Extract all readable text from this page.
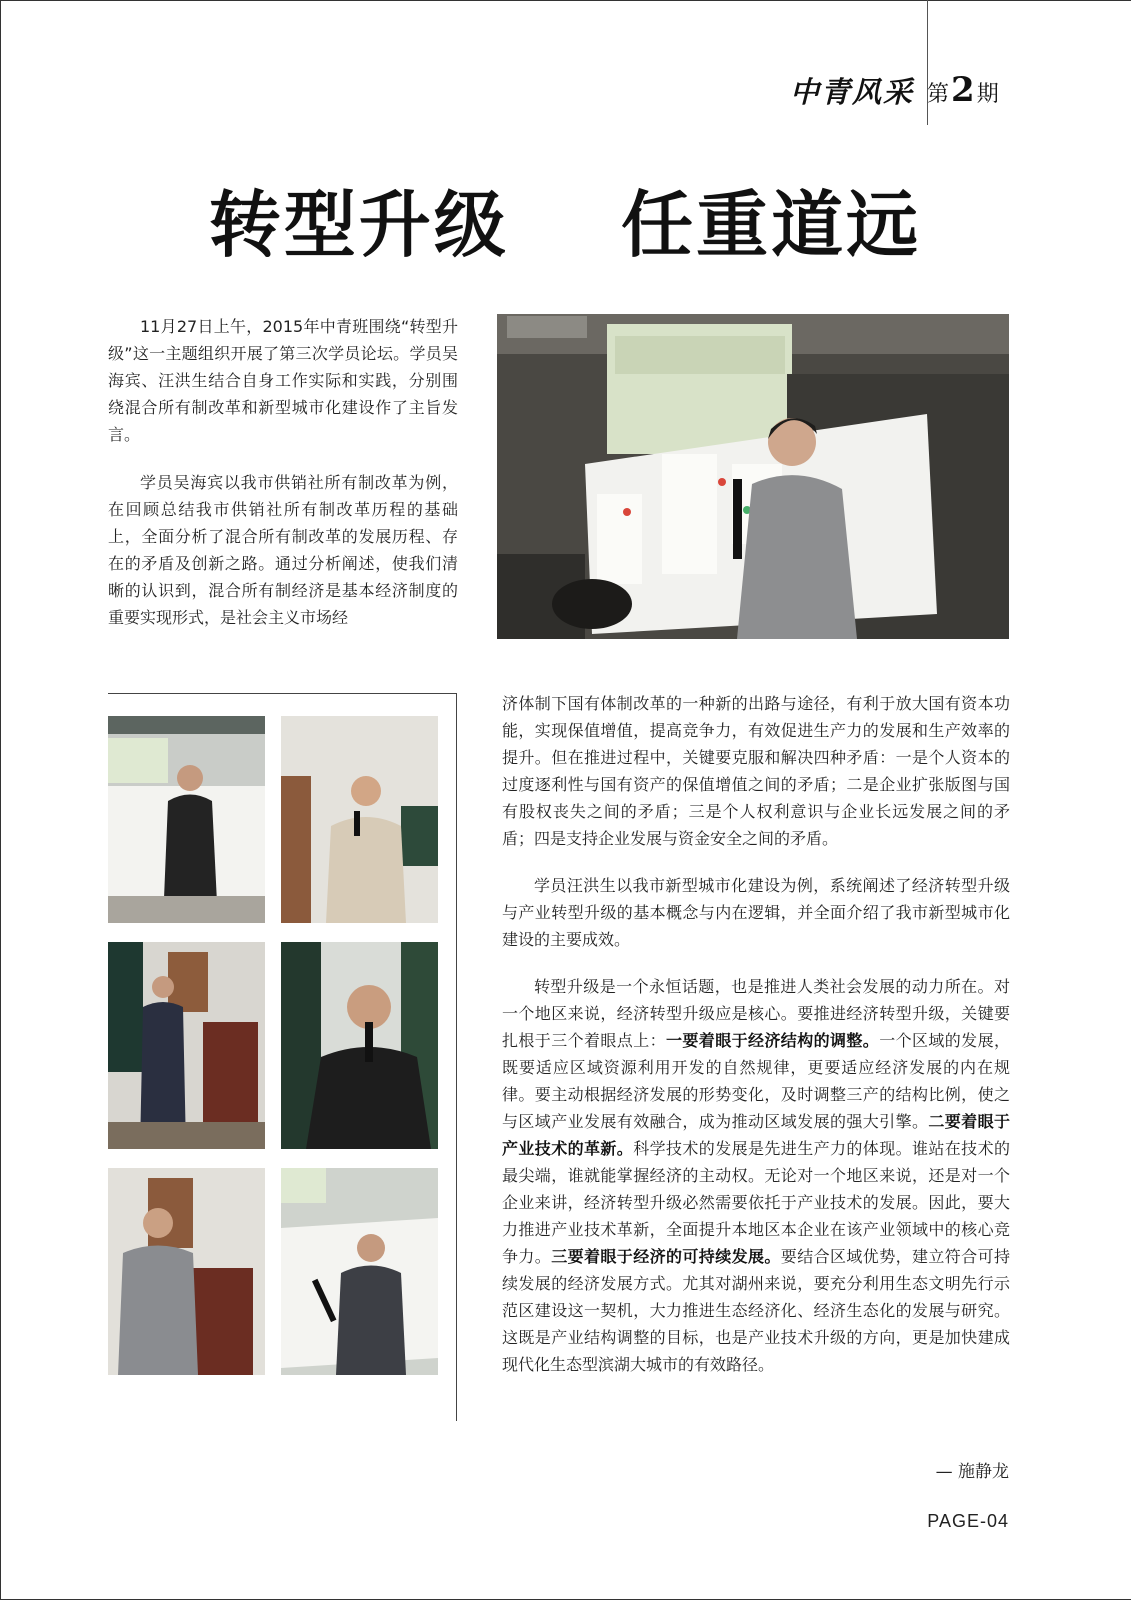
中青风采 第 2 期
转型升级    任重道远

11月27日上午，2015年中青班围绕“转型升级”这一主题组织开展了第三次学员论坛。学员吴海宾、汪洪生结合自身工作实际和实践，分别围绕混合所有制改革和新型城市化建设作了主旨发言。

学员吴海宾以我市供销社所有制改革为例，在回顾总结我市供销社所有制改革历程的基础上，全面分析了混合所有制改革的发展历程、存在的矛盾及创新之路。通过分析阐述，使我们清晰的认识到，混合所有制经济是基本经济制度的重要实现形式，是社会主义市场经

济体制下国有体制改革的一种新的出路与途径，有利于放大国有资本功能，实现保值增值，提高竞争力，有效促进生产力的发展和生产效率的提升。但在推进过程中，关键要克服和解决四种矛盾：一是个人资本的过度逐利性与国有资产的保值增值之间的矛盾；二是企业扩张版图与国有股权丧失之间的矛盾；三是个人权利意识与企业长远发展之间的矛盾；四是支持企业发展与资金安全之间的矛盾。

学员汪洪生以我市新型城市化建设为例，系统阐述了经济转型升级与产业转型升级的基本概念与内在逻辑，并全面介绍了我市新型城市化建设的主要成效。

转型升级是一个永恒话题，也是推进人类社会发展的动力所在。对一个地区来说，经济转型升级应是核心。要推进经济转型升级，关键要扎根于三个着眼点上：一要着眼于经济结构的调整。一个区域的发展，既要适应区域资源利用开发的自然规律，更要适应经济发展的内在规律。要主动根据经济发展的形势变化，及时调整三产的结构比例，使之与区域产业发展有效融合，成为推动区域发展的强大引擎。二要着眼于产业技术的革新。科学技术的发展是先进生产力的体现。谁站在技术的最尖端，谁就能掌握经济的主动权。无论对一个地区来说，还是对一个企业来讲，经济转型升级必然需要依托于产业技术的发展。因此，要大力推进产业技术革新，全面提升本地区本企业在该产业领域中的核心竞争力。三要着眼于经济的可持续发展。要结合区域优势，建立符合可持续发展的经济发展方式。尤其对湖州来说，要充分利用生态文明先行示范区建设这一契机，大力推进生态经济化、经济生态化的发展与研究。这既是产业结构调整的目标，也是产业技术升级的方向，更是加快建成现代化生态型滨湖大城市的有效路径。

— 施静龙
PAGE-04
